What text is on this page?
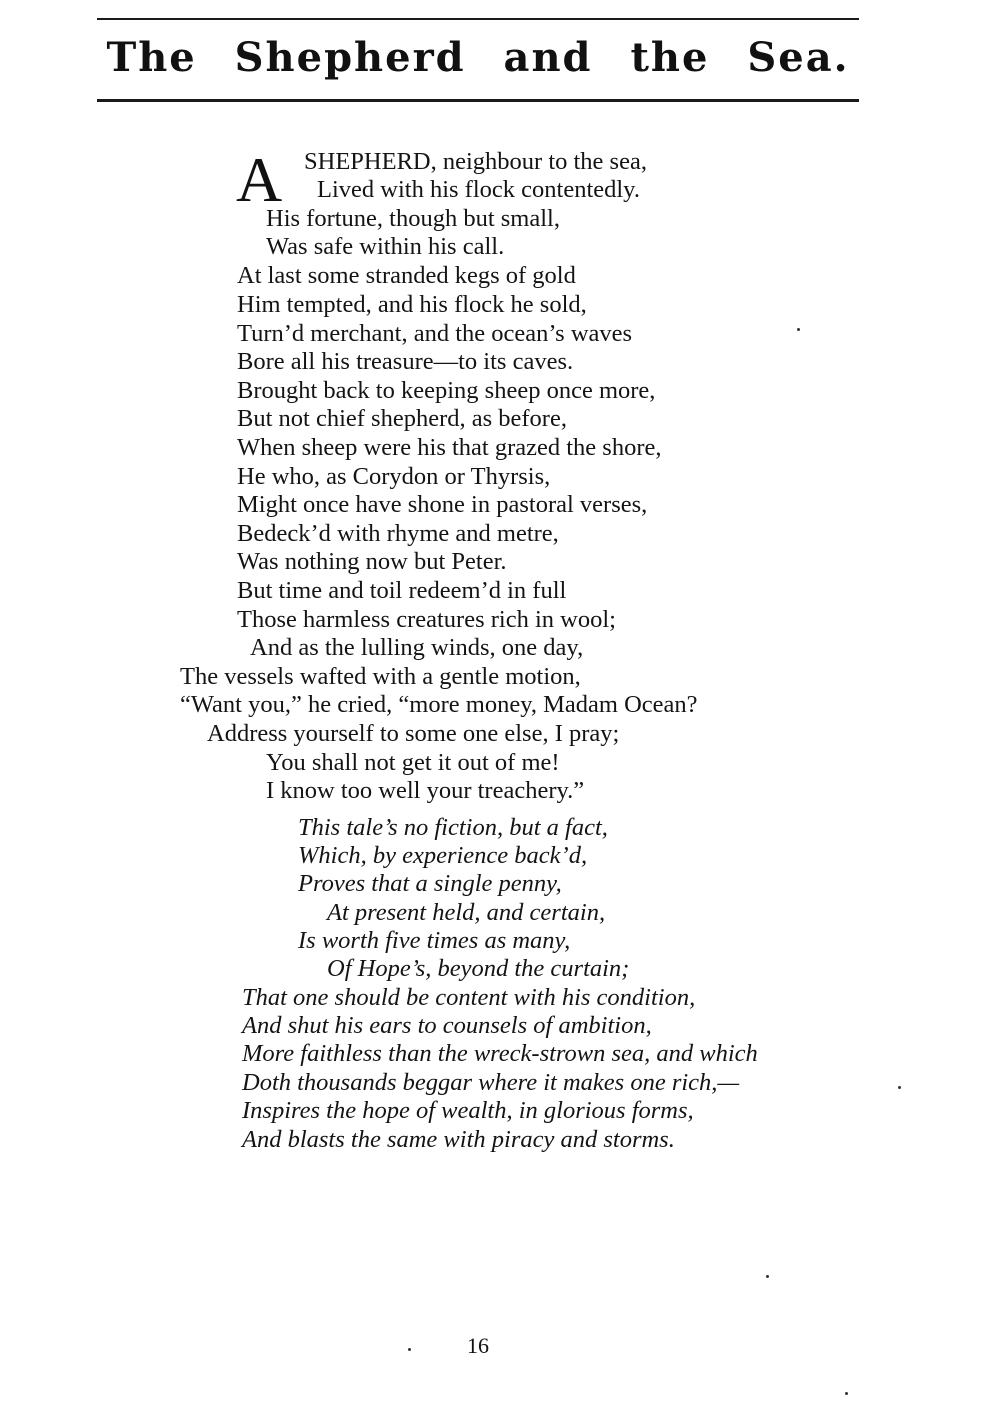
The Shepherd and the Sea.
A SHEPHERD, neighbour to the sea,
Lived with his flock contentedly.
His fortune, though but small,
Was safe within his call.
At last some stranded kegs of gold
Him tempted, and his flock he sold,
Turn’d merchant, and the ocean’s waves
Bore all his treasure—to its caves.
Brought back to keeping sheep once more,
But not chief shepherd, as before,
When sheep were his that grazed the shore,
He who, as Corydon or Thyrsis,
Might once have shone in pastoral verses,
Bedeck’d with rhyme and metre,
Was nothing now but Peter.
But time and toil redeem’d in full
Those harmless creatures rich in wool;
And as the lulling winds, one day,
The vessels wafted with a gentle motion,
“Want you,” he cried, “more money, Madam Ocean?
Address yourself to some one else, I pray;
You shall not get it out of me!
I know too well your treachery.”
This tale’s no fiction, but a fact,
Which, by experience back’d,
Proves that a single penny,
At present held, and certain,
Is worth five times as many,
Of Hope’s, beyond the curtain;
That one should be content with his condition,
And shut his ears to counsels of ambition,
More faithless than the wreck-strown sea, and which
Doth thousands beggar where it makes one rich,—
Inspires the hope of wealth, in glorious forms,
And blasts the same with piracy and storms.
16
